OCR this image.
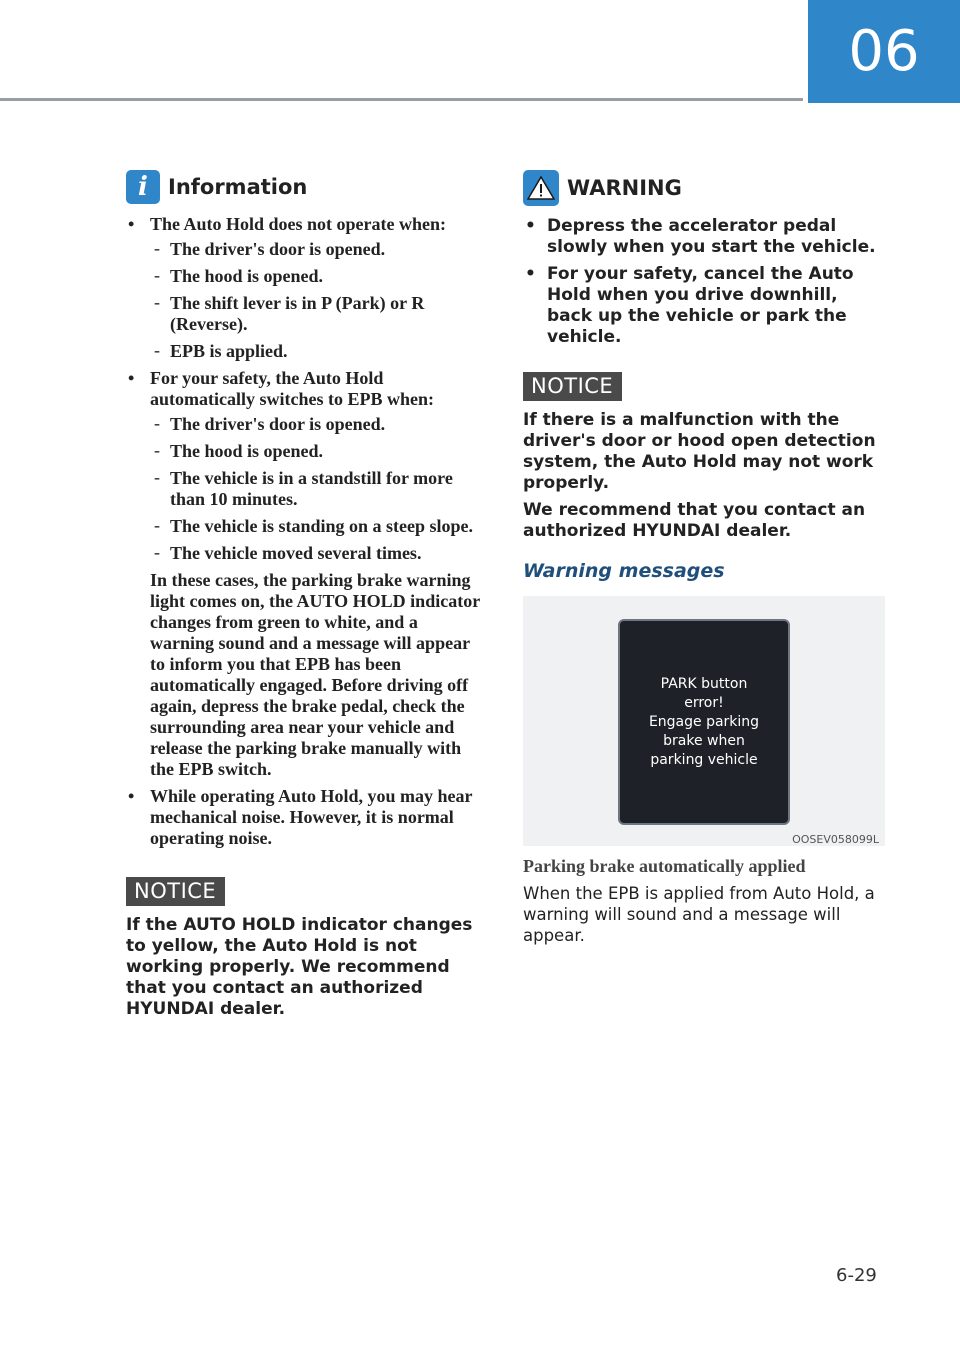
06
i Information
• The Auto Hold does not operate when:
- The driver's door is opened.
- The hood is opened.
- The shift lever is in P (Park) or R (Reverse).
- EPB is applied.
• For your safety, the Auto Hold automatically switches to EPB when:
- The driver's door is opened.
- The hood is opened.
- The vehicle is in a standstill for more than 10 minutes.
- The vehicle is standing on a steep slope.
- The vehicle moved several times.

In these cases, the parking brake warning light comes on, the AUTO HOLD indicator changes from green to white, and a warning sound and a message will appear to inform you that EPB has been automatically engaged. Before driving off again, depress the brake pedal, check the surrounding area near your vehicle and release the parking brake manually with the EPB switch.

• While operating Auto Hold, you may hear mechanical noise. However, it is normal operating noise.
NOTICE
If the AUTO HOLD indicator changes to yellow, the Auto Hold is not working properly. We recommend that you contact an authorized HYUNDAI dealer.
WARNING
• Depress the accelerator pedal slowly when you start the vehicle.
• For your safety, cancel the Auto Hold when you drive downhill, back up the vehicle or park the vehicle.
NOTICE
If there is a malfunction with the driver's door or hood open detection system, the Auto Hold may not work properly.
We recommend that you contact an authorized HYUNDAI dealer.
Warning messages
PARK button
error!
Engage parking
brake when
parking vehicle
OOSEV058099L
Parking brake automatically applied
When the EPB is applied from Auto Hold, a warning will sound and a message will appear.
6-29
